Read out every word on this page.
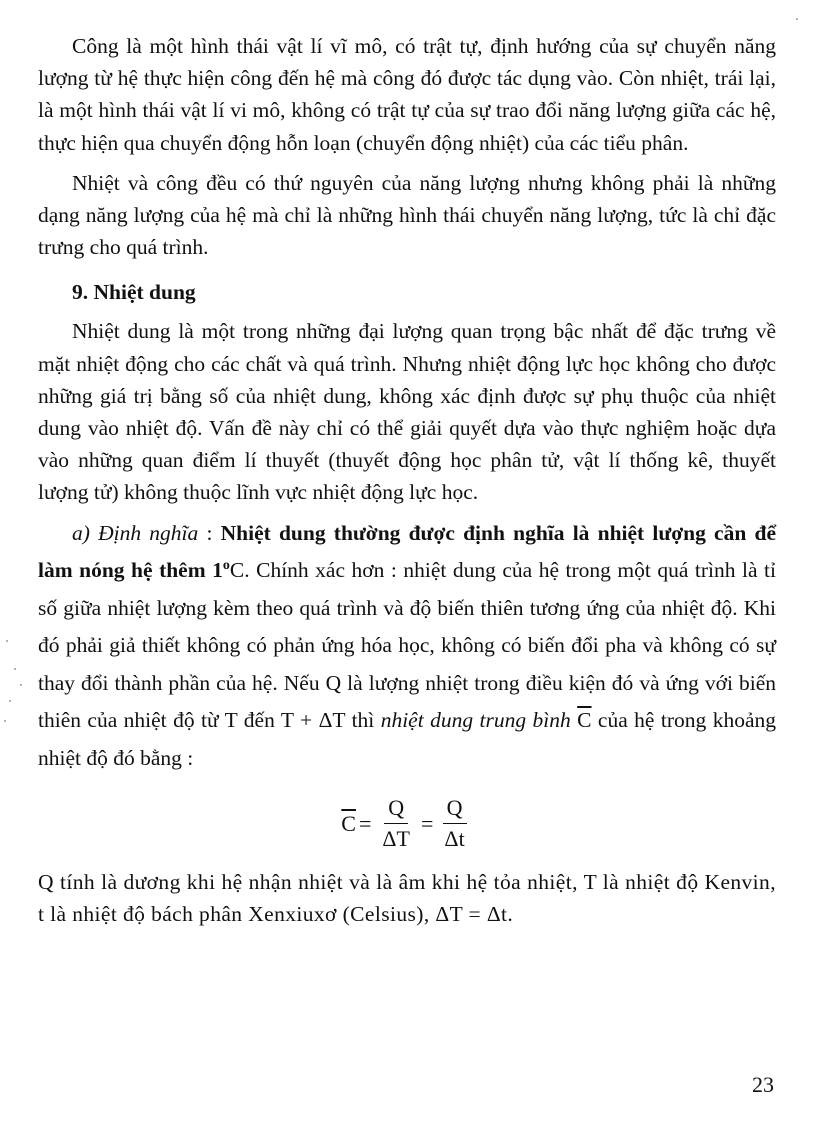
Công là một hình thái vật lí vĩ mô, có trật tự, định hướng của sự chuyển năng lượng từ hệ thực hiện công đến hệ mà công đó được tác dụng vào. Còn nhiệt, trái lại, là một hình thái vật lí vi mô, không có trật tự của sự trao đổi năng lượng giữa các hệ, thực hiện qua chuyển động hỗn loạn (chuyển động nhiệt) của các tiểu phân.

Nhiệt và công đều có thứ nguyên của năng lượng nhưng không phải là những dạng năng lượng của hệ mà chỉ là những hình thái chuyển năng lượng, tức là chỉ đặc trưng cho quá trình.

9. Nhiệt dung

Nhiệt dung là một trong những đại lượng quan trọng bậc nhất để đặc trưng về mặt nhiệt động cho các chất và quá trình. Nhưng nhiệt động lực học không cho được những giá trị bằng số của nhiệt dung, không xác định được sự phụ thuộc của nhiệt dung vào nhiệt độ. Vấn đề này chỉ có thể giải quyết dựa vào thực nghiệm hoặc dựa vào những quan điểm lí thuyết (thuyết động học phân tử, vật lí thống kê, thuyết lượng tử) không thuộc lĩnh vực nhiệt động lực học.

a) Định nghĩa : Nhiệt dung thường được định nghĩa là nhiệt lượng cần để làm nóng hệ thêm 1$^o$C. Chính xác hơn : nhiệt dung của hệ trong một quá trình là tỉ số giữa nhiệt lượng kèm theo quá trình và độ biến thiên tương ứng của nhiệt độ. Khi đó phải giả thiết không có phản ứng hóa học, không có biến đổi pha và không có sự thay đổi thành phần của hệ. Nếu Q là lượng nhiệt trong điều kiện đó và ứng với biến thiên của nhiệt độ từ T đến T + ΔT thì nhiệt dung trung bình $\overline{C}$ của hệ trong khoảng nhiệt độ đó bằng :

$\overline{C} = \frac{Q}{\Delta T} = \frac{Q}{\Delta t}$

Q tính là dương khi hệ nhận nhiệt và là âm khi hệ tỏa nhiệt, T là nhiệt độ Kenvin, t là nhiệt độ bách phân Xenxiuxơ (Celsius), ΔT = Δt.

23
